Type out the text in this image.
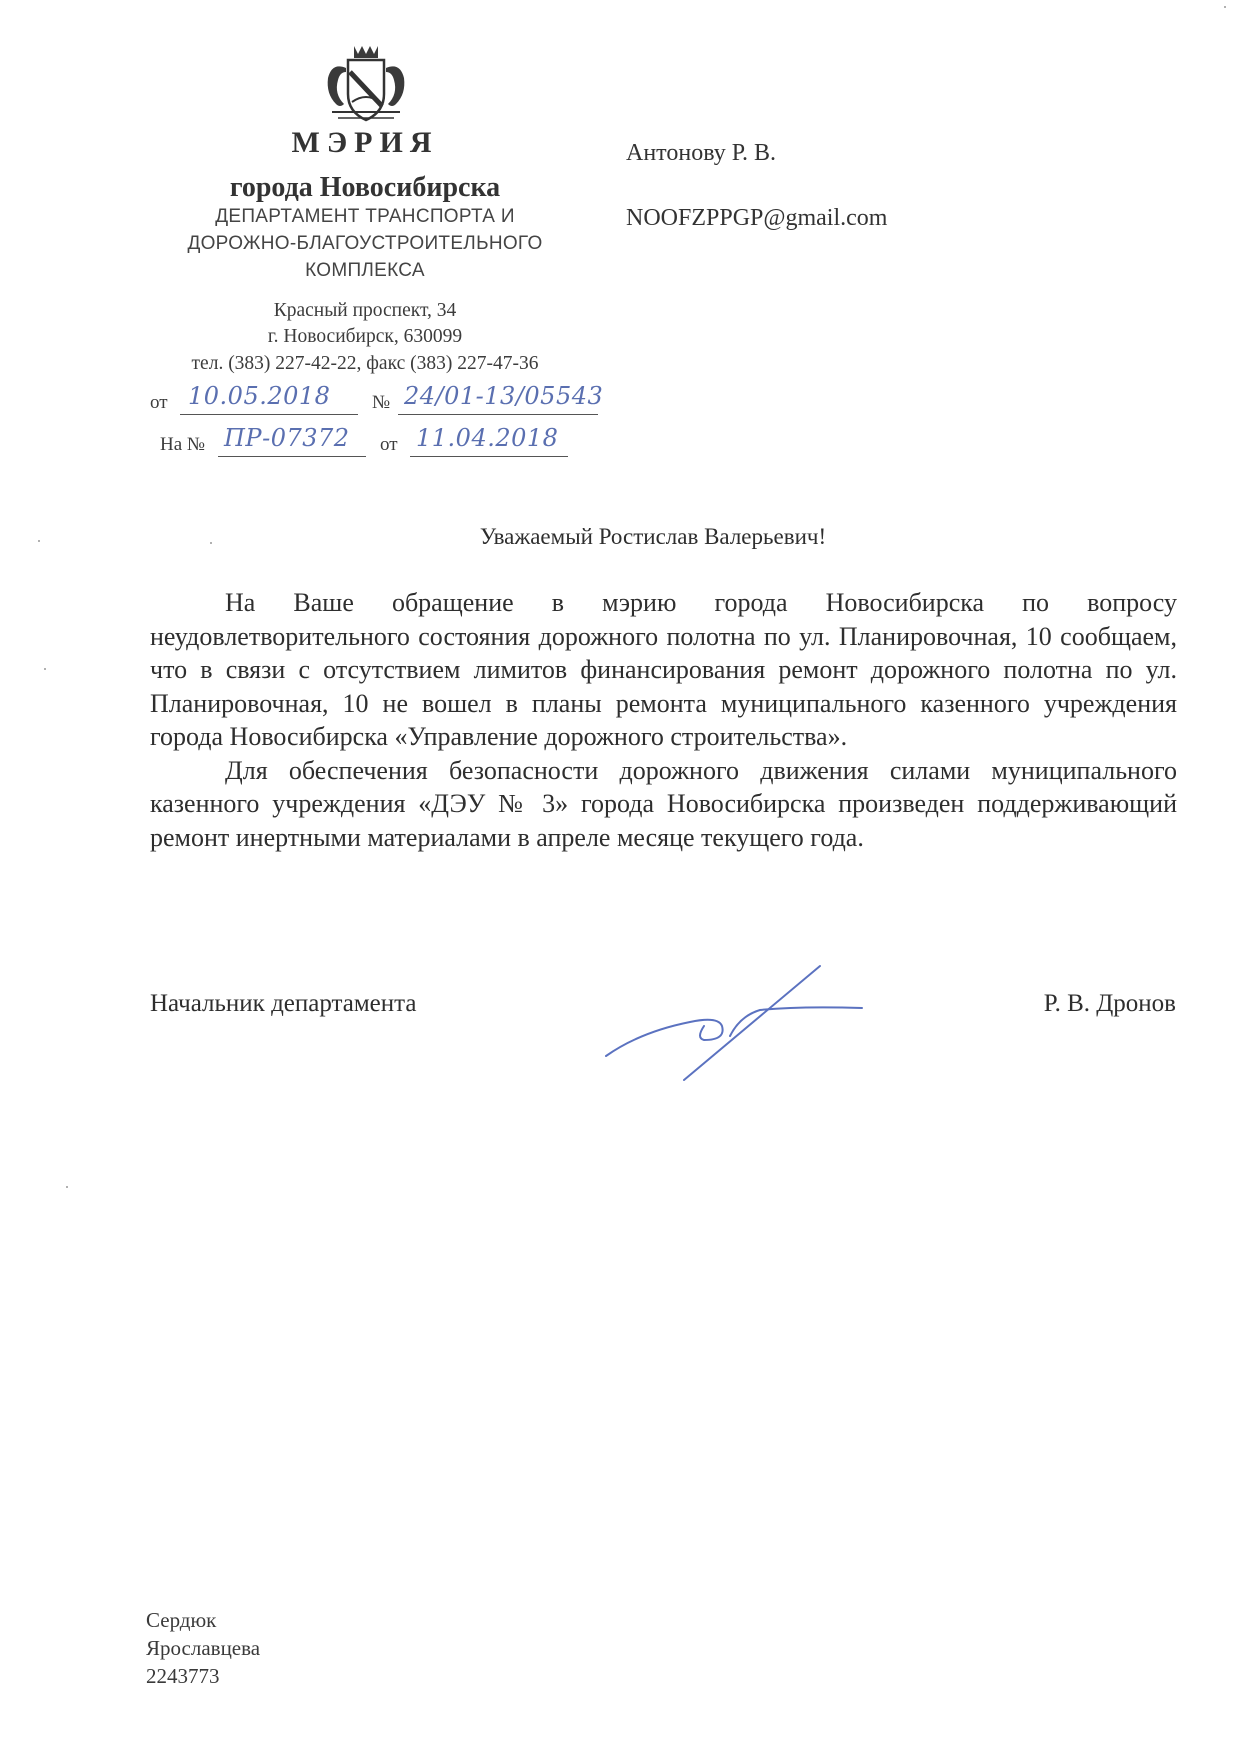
МЭРИЯ
города Новосибирска
ДЕПАРТАМЕНТ ТРАНСПОРТА И
ДОРОЖНО-БЛАГОУСТРОИТЕЛЬНОГО
КОМПЛЕКСА
Красный проспект, 34
г. Новосибирск, 630099
тел. (383) 227-42-22, факс (383) 227-47-36
от 10.05.2018 № 24/01-13/05543
На № ПР-07372 от 11.04.2018
Антонову Р. В.
NOOFZPPGP@gmail.com
Уважаемый Ростислав Валерьевич!

На Ваше обращение в мэрию города Новосибирска по вопросу неудовлетворительного состояния дорожного полотна по ул. Планировочная, 10 сообщаем, что в связи с отсутствием лимитов финансирования ремонт дорожного полотна по ул. Планировочная, 10 не вошел в планы ремонта муниципального казенного учреждения города Новосибирска «Управление дорожного строительства».

Для обеспечения безопасности дорожного движения силами муниципального казенного учреждения «ДЭУ № 3» города Новосибирска произведен поддерживающий ремонт инертными материалами в апреле месяце текущего года.

Начальник департамента	Р. В. Дронов
Сердюк
Ярославцева
2243773
